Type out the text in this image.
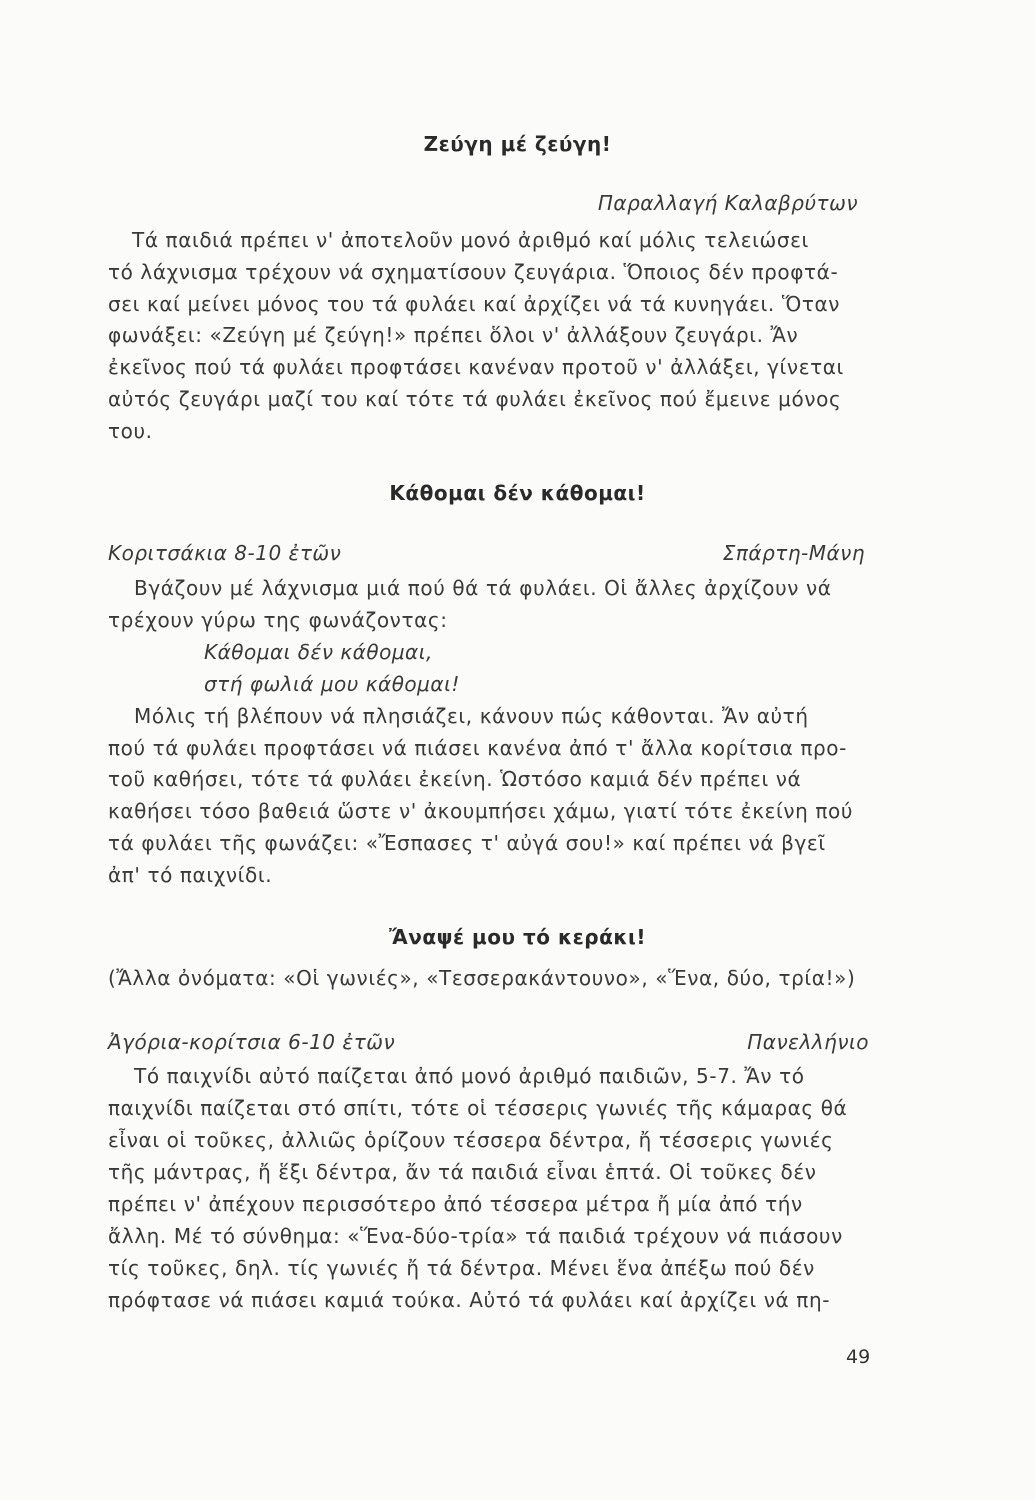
Ζεύγη μέ ζεύγη!
Παραλλαγή Καλαβρύτων
Τά παιδιά πρέπει ν' ἀποτελοῦν μονό ἀριθμό καί μόλις τελειώσει
τό λάχνισμα τρέχουν νά σχηματίσουν ζευγάρια. Ὅποιος δέν προφτά-
σει καί μείνει μόνος του τά φυλάει καί ἀρχίζει νά τά κυνηγάει. Ὅταν
φωνάξει: «Ζεύγη μέ ζεύγη!» πρέπει ὅλοι ν' ἀλλάξουν ζευγάρι. Ἄν
ἐκεῖνος πού τά φυλάει προφτάσει κανέναν προτοῦ ν' ἀλλάξει, γίνεται
αὐτός ζευγάρι μαζί του καί τότε τά φυλάει ἐκεῖνος πού ἔμεινε μόνος
του.
Κάθομαι δέν κάθομαι!
Κοριτσάκια 8-10 ἐτῶν	Σπάρτη-Μάνη
Βγάζουν μέ λάχνισμα μιά πού θά τά φυλάει. Οἱ ἄλλες ἀρχίζουν νά
τρέχουν γύρω της φωνάζοντας:
Κάθομαι δέν κάθομαι,
στή φωλιά μου κάθομαι!
Μόλις τή βλέπουν νά πλησιάζει, κάνουν πώς κάθονται. Ἄν αὐτή
πού τά φυλάει προφτάσει νά πιάσει κανένα ἀπό τ' ἄλλα κορίτσια προ-
τοῦ καθήσει, τότε τά φυλάει ἐκείνη. Ὡστόσο καμιά δέν πρέπει νά
καθήσει τόσο βαθειά ὥστε ν' ἀκουμπήσει χάμω, γιατί τότε ἐκείνη πού
τά φυλάει τῆς φωνάζει: «Ἔσπασες τ' αὐγά σου!» καί πρέπει νά βγεῖ
ἀπ' τό παιχνίδι.
Ἄναψέ μου τό κεράκι!
(Ἄλλα ὀνόματα: «Οἱ γωνιές», «Τεσσερακάντουνο», «Ἕνα, δύο, τρία!»)
Ἀγόρια-κορίτσια 6-10 ἐτῶν	Πανελλήνιο
Τό παιχνίδι αὐτό παίζεται ἀπό μονό ἀριθμό παιδιῶν, 5-7. Ἄν τό
παιχνίδι παίζεται στό σπίτι, τότε οἱ τέσσερις γωνιές τῆς κάμαρας θά
εἶναι οἱ τοῦκες, ἀλλιῶς ὁρίζουν τέσσερα δέντρα, ἤ τέσσερις γωνιές
τῆς μάντρας, ἤ ἕξι δέντρα, ἄν τά παιδιά εἶναι ἑπτά. Οἱ τοῦκες δέν
πρέπει ν' ἀπέχουν περισσότερο ἀπό τέσσερα μέτρα ἤ μία ἀπό τήν
ἄλλη. Μέ τό σύνθημα: «Ἕνα-δύο-τρία» τά παιδιά τρέχουν νά πιάσουν
τίς τοῦκες, δηλ. τίς γωνιές ἤ τά δέντρα. Μένει ἕνα ἀπέξω πού δέν
πρόφτασε νά πιάσει καμιά τούκα. Αὐτό τά φυλάει καί ἀρχίζει νά πη-
49
